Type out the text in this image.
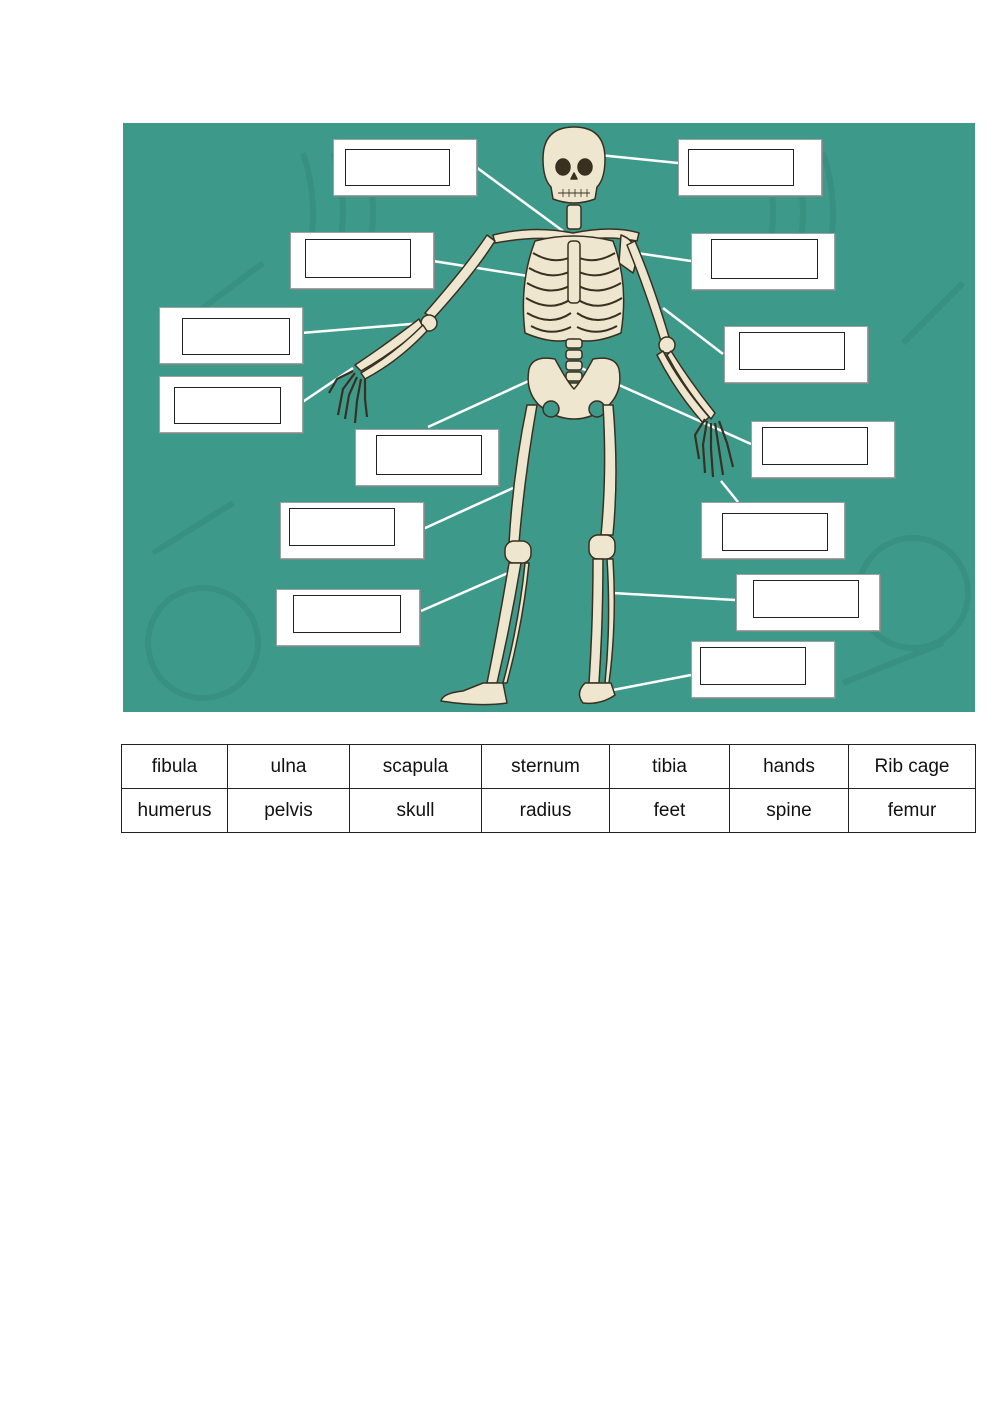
fibula	ulna	scapula	sternum	tibia	hands	Rib cage
humerus	pelvis	skull	radius	feet	spine	femur
